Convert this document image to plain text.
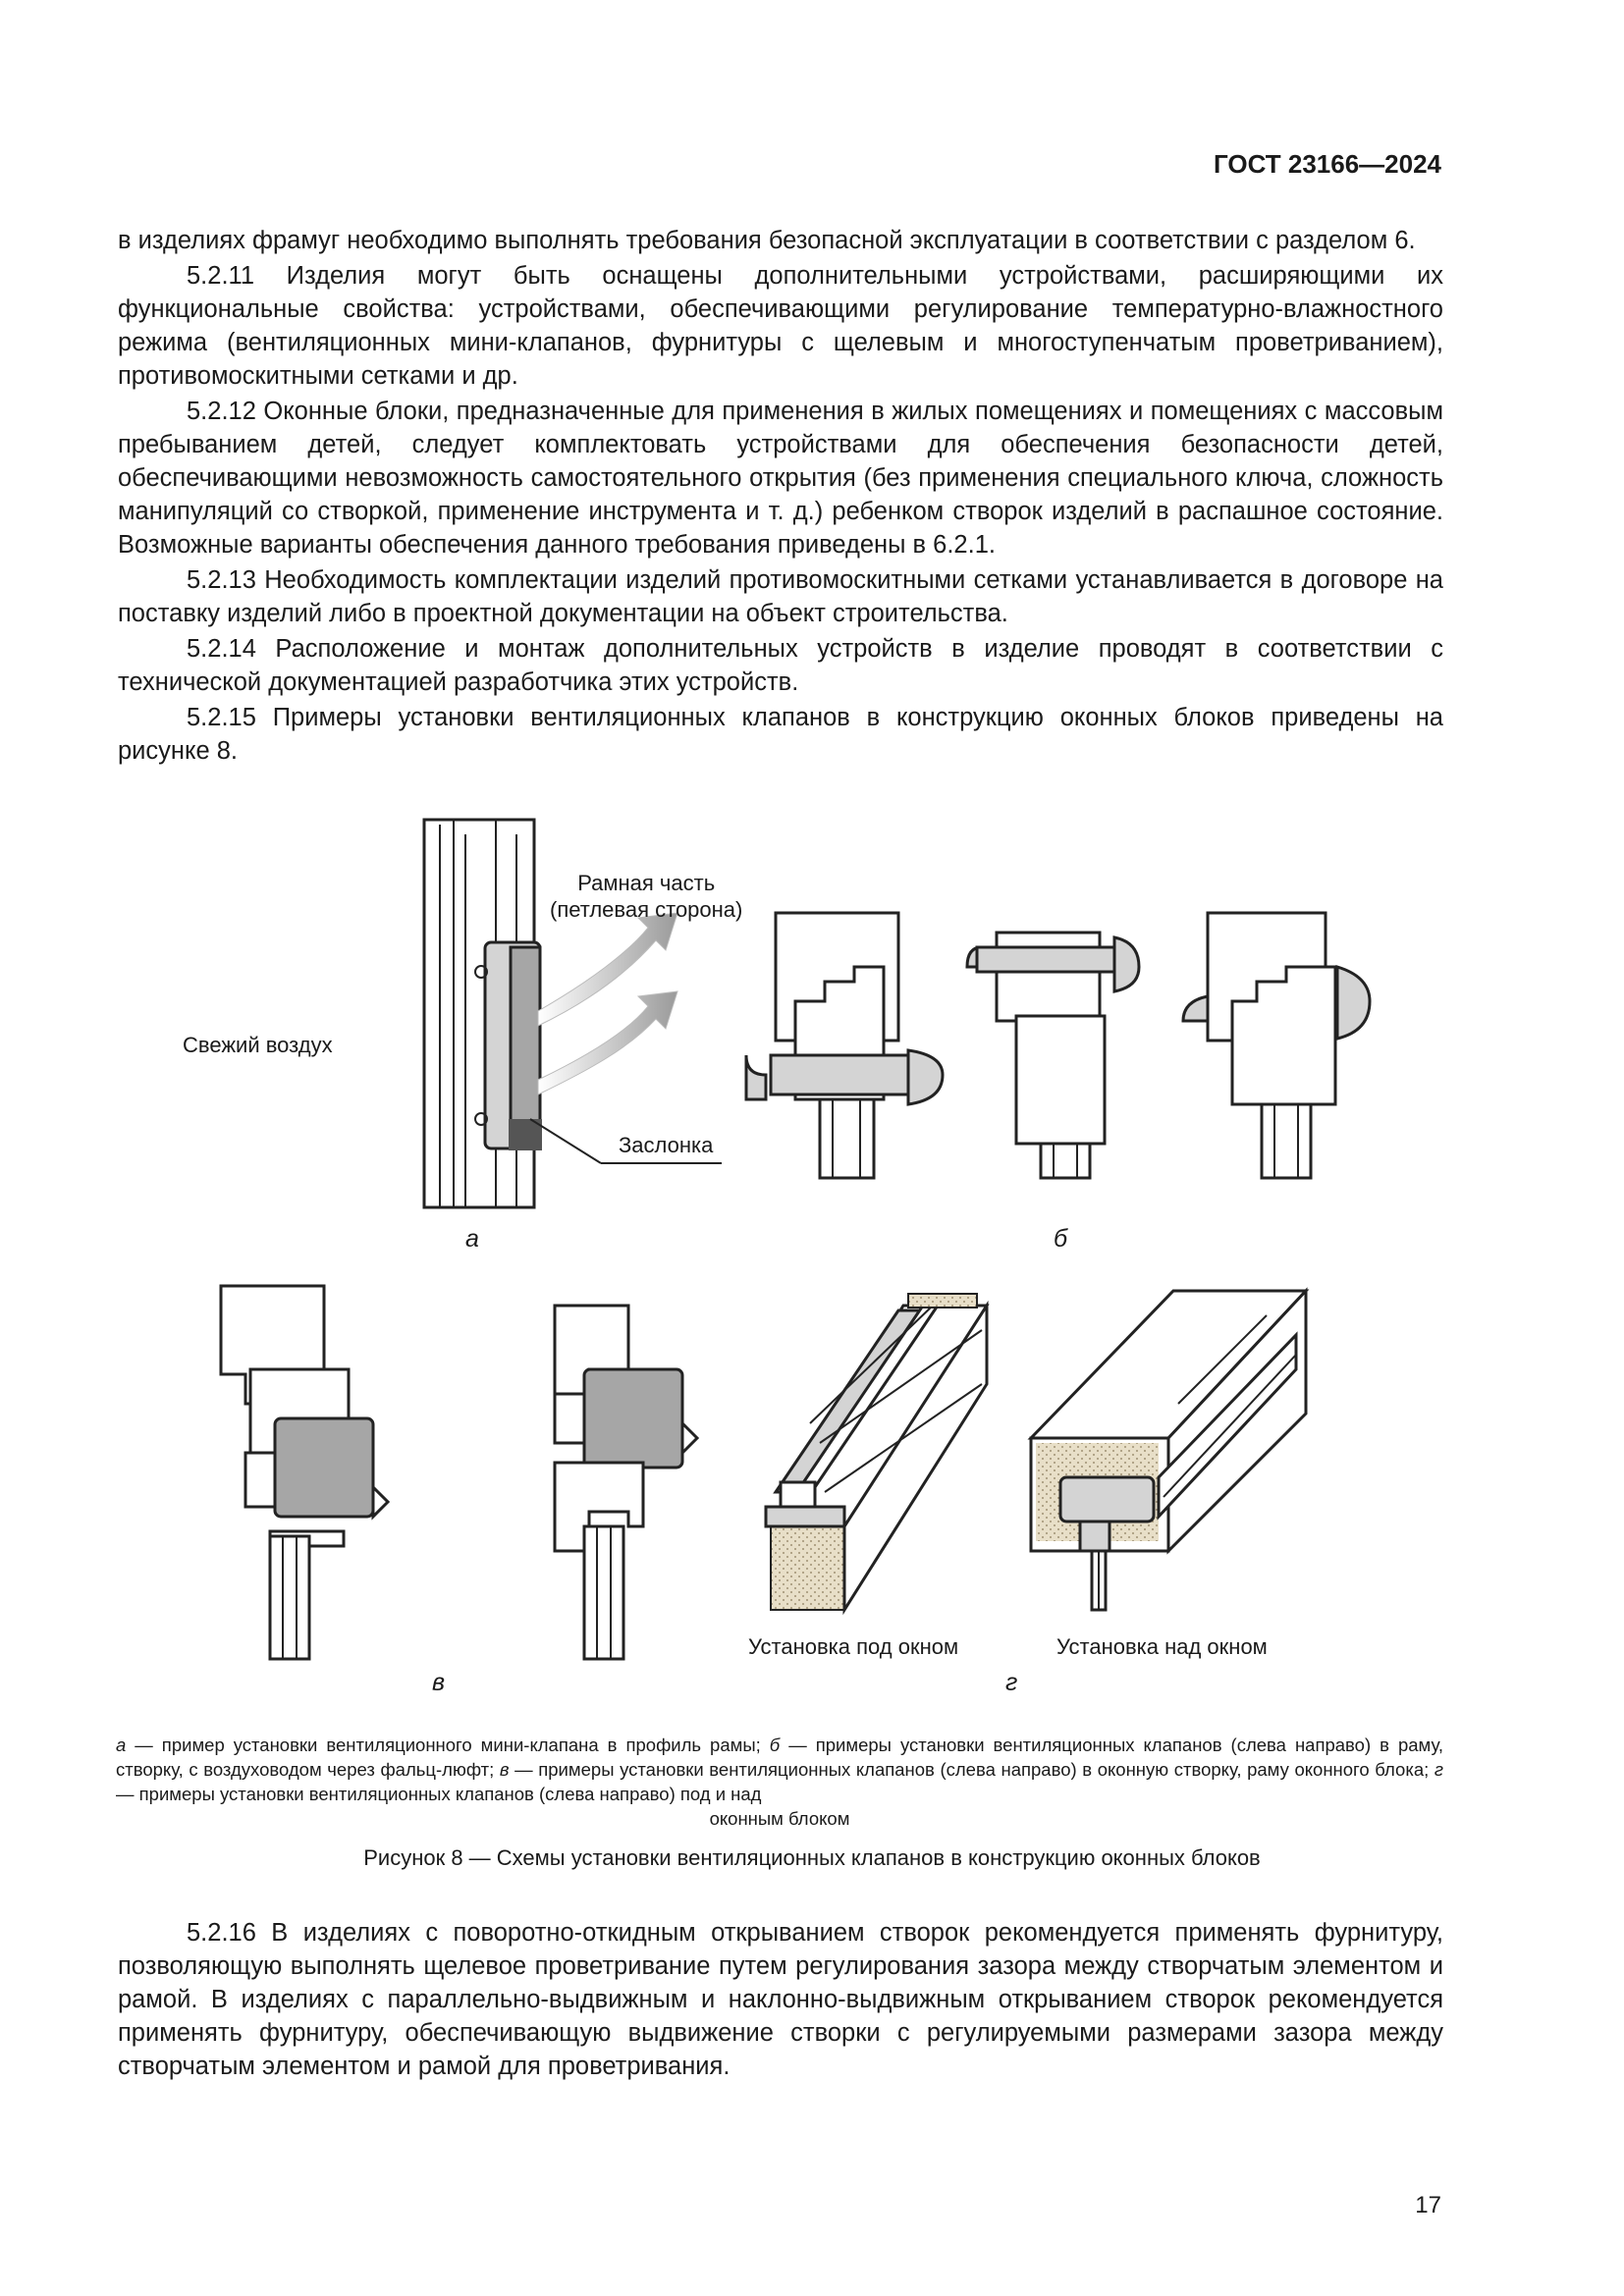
ГОСТ 23166—2024

в изделиях фрамуг необходимо выполнять требования безопасной эксплуатации в соответствии с разделом 6.

5.2.11 Изделия могут быть оснащены дополнительными устройствами, расширяющими их функциональные свойства: устройствами, обеспечивающими регулирование температурно-влажностного режима (вентиляционных мини-клапанов, фурнитуры с щелевым и многоступенчатым проветриванием), противомоскитными сетками и др.

5.2.12 Оконные блоки, предназначенные для применения в жилых помещениях и помещениях с массовым пребыванием детей, следует комплектовать устройствами для обеспечения безопасности детей, обеспечивающими невозможность самостоятельного открытия (без применения специального ключа, сложность манипуляций со створкой, применение инструмента и т. д.) ребенком створок изделий в распашное состояние. Возможные варианты обеспечения данного требования приведены в 6.2.1.

5.2.13 Необходимость комплектации изделий противомоскитными сетками устанавливается в договоре на поставку изделий либо в проектной документации на объект строительства.

5.2.14 Расположение и монтаж дополнительных устройств в изделие проводят в соответствии с технической документацией разработчика этих устройств.

5.2.15 Примеры установки вентиляционных клапанов в конструкцию оконных блоков приведены на рисунке 8.

Рамная часть
(петлевая сторона)
Свежий воздух
Заслонка
Установка под окном	Установка над окном
а	б
в	г
а — пример установки вентиляционного мини-клапана в профиль рамы; б — примеры установки вентиляционных клапанов (слева направо) в раму, створку, с воздуховодом через фальц-люфт; в — примеры установки вентиляционных клапанов (слева направо) в оконную створку, раму оконного блока; г — примеры установки вентиляционных клапанов (слева направо) под и над
оконным блоком
Рисунок 8 — Схемы установки вентиляционных клапанов в конструкцию оконных блоков

5.2.16 В изделиях с поворотно-откидным открыванием створок рекомендуется применять фурнитуру, позволяющую выполнять щелевое проветривание путем регулирования зазора между створчатым элементом и рамой. В изделиях с параллельно-выдвижным и наклонно-выдвижным открыванием створок рекомендуется применять фурнитуру, обеспечивающую выдвижение створки с регулируемыми размерами зазора между створчатым элементом и рамой для проветривания.

17
